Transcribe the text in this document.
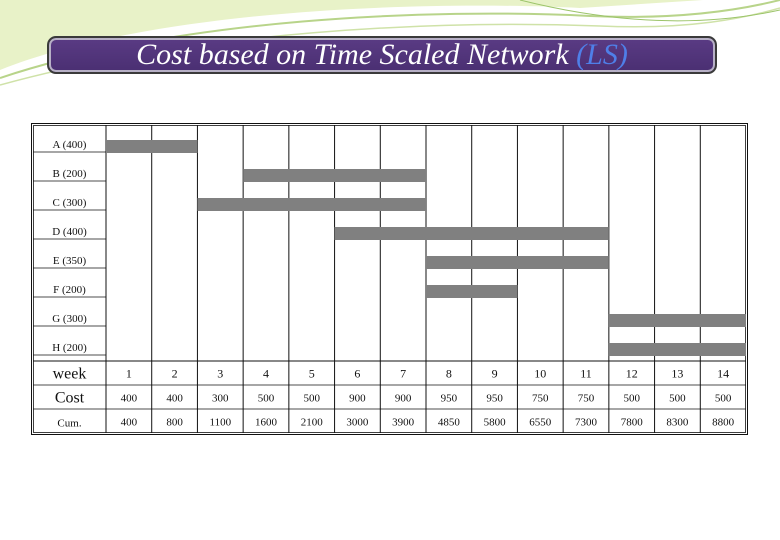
Cost based on Time Scaled Network
(LS)
A (400)
B (200)
C (300)
D (400)
E (350)
F (200)
G (300)
H (200)
week	1	2	3	4	5	6	7	8	9	10	11	12	13	14
Cost	400	400	300	500	500	900	900	950	950	750	750	500	500	500
Cum.	400	800 1100 1600 2100 3000 3900 4850 5800 6550 7300 7800 8300 8800
